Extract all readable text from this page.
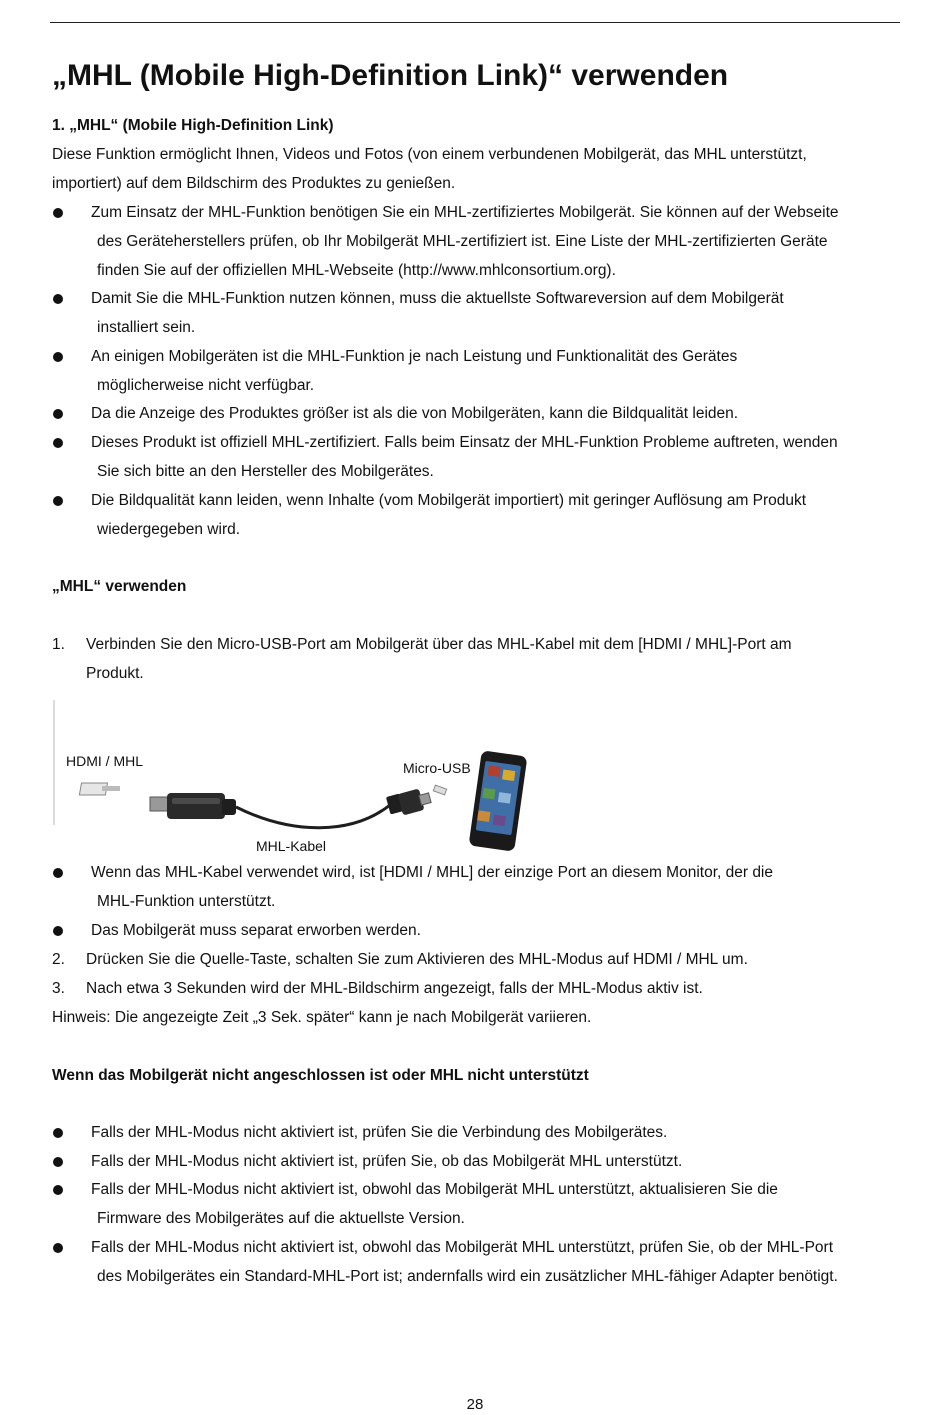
„MHL (Mobile High-Definition Link)“ verwenden
1. „MHL“ (Mobile High-Definition Link)
Diese Funktion ermöglicht Ihnen, Videos und Fotos (von einem verbundenen Mobilgerät, das MHL unterstützt,
importiert) auf dem Bildschirm des Produktes zu genießen.
Zum Einsatz der MHL-Funktion benötigen Sie ein MHL-zertifiziertes Mobilgerät. Sie können auf der Webseite
des Geräteherstellers prüfen, ob Ihr Mobilgerät MHL-zertifiziert ist. Eine Liste der MHL-zertifizierten Geräte
finden Sie auf der offiziellen MHL-Webseite (http://www.mhlconsortium.org).
Damit Sie die MHL-Funktion nutzen können, muss die aktuellste Softwareversion auf dem Mobilgerät
installiert sein.
An einigen Mobilgeräten ist die MHL-Funktion je nach Leistung und Funktionalität des Gerätes
möglicherweise nicht verfügbar.
Da die Anzeige des Produktes größer ist als die von Mobilgeräten, kann die Bildqualität leiden.
Dieses Produkt ist offiziell MHL-zertifiziert. Falls beim Einsatz der MHL-Funktion Probleme auftreten, wenden
Sie sich bitte an den Hersteller des Mobilgerätes.
Die Bildqualität kann leiden, wenn Inhalte (vom Mobilgerät importiert) mit geringer Auflösung am Produkt
wiedergegeben wird.
„MHL“ verwenden
1. Verbinden Sie den Micro-USB-Port am Mobilgerät über das MHL-Kabel mit dem [HDMI / MHL]-Port am
Produkt.
HDMI / MHL	Micro-USB
MHL-Kabel
Wenn das MHL-Kabel verwendet wird, ist [HDMI / MHL] der einzige Port an diesem Monitor, der die
MHL-Funktion unterstützt.
Das Mobilgerät muss separat erworben werden.
2. Drücken Sie die Quelle-Taste, schalten Sie zum Aktivieren des MHL-Modus auf HDMI / MHL um.
3. Nach etwa 3 Sekunden wird der MHL-Bildschirm angezeigt, falls der MHL-Modus aktiv ist.
Hinweis: Die angezeigte Zeit „3 Sek. später“ kann je nach Mobilgerät variieren.
Wenn das Mobilgerät nicht angeschlossen ist oder MHL nicht unterstützt
Falls der MHL-Modus nicht aktiviert ist, prüfen Sie die Verbindung des Mobilgerätes.
Falls der MHL-Modus nicht aktiviert ist, prüfen Sie, ob das Mobilgerät MHL unterstützt.
Falls der MHL-Modus nicht aktiviert ist, obwohl das Mobilgerät MHL unterstützt, aktualisieren Sie die
Firmware des Mobilgerätes auf die aktuellste Version.
Falls der MHL-Modus nicht aktiviert ist, obwohl das Mobilgerät MHL unterstützt, prüfen Sie, ob der MHL-Port
des Mobilgerätes ein Standard-MHL-Port ist; andernfalls wird ein zusätzlicher MHL-fähiger Adapter benötigt.
28
